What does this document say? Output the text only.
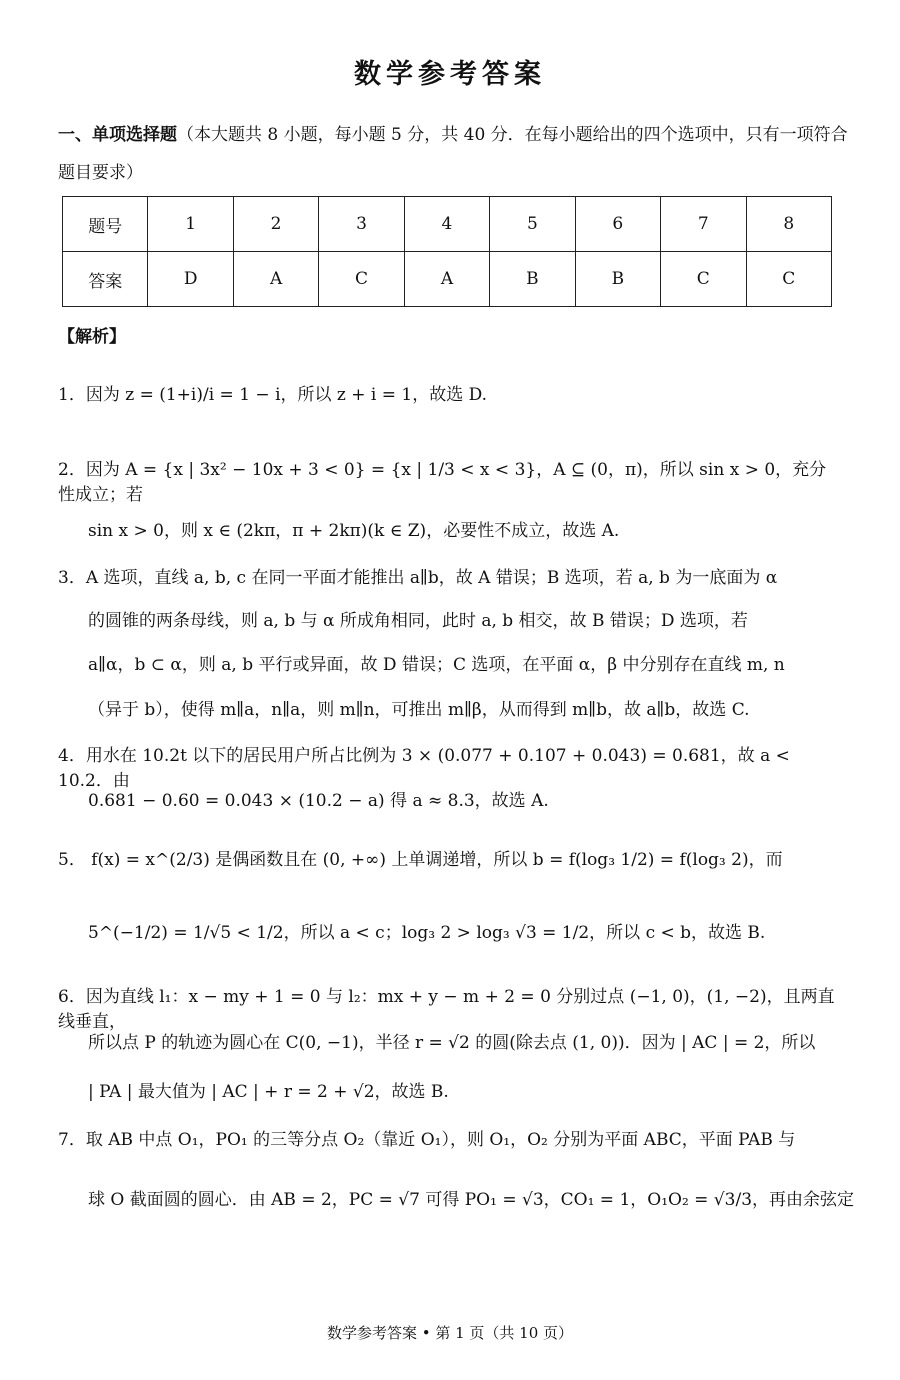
数学参考答案
一、单项选择题（本大题共 8 小题，每小题 5 分，共 40 分．在每小题给出的四个选项中，只有一项符合题目要求）
题号	1	2	3	4	5	6	7	8
答案	D	A	C	A	B	B	C	C
【解析】
1．因为 z = (1+i)/i = 1 − i，所以 z + i = 1，故选 D.
2．因为 A = {x | 3x² − 10x + 3 < 0} = {x | 1/3 < x < 3}，A ⊆ (0，π)，所以 sin x > 0，充分性成立；若
sin x > 0，则 x ∈ (2kπ，π + 2kπ)(k ∈ Z)，必要性不成立，故选 A.
3．A 选项，直线 a, b, c 在同一平面才能推出 a∥b，故 A 错误；B 选项，若 a, b 为一底面为 α
的圆锥的两条母线，则 a, b 与 α 所成角相同，此时 a, b 相交，故 B 错误；D 选项，若
a∥α，b ⊂ α，则 a, b 平行或异面，故 D 错误；C 选项，在平面 α，β 中分别存在直线 m, n
（异于 b），使得 m∥a，n∥a，则 m∥n，可推出 m∥β，从而得到 m∥b，故 a∥b，故选 C.
4．用水在 10.2t 以下的居民用户所占比例为 3 × (0.077 + 0.107 + 0.043) = 0.681，故 a < 10.2．由
0.681 − 0.60 = 0.043 × (10.2 − a) 得 a ≈ 8.3，故选 A.
5． f(x) = x^(2/3) 是偶函数且在 (0, +∞) 上单调递增，所以 b = f(log₃ 1/2) = f(log₃ 2)，而
5^(−1/2) = 1/√5 < 1/2，所以 a < c；log₃ 2 > log₃ √3 = 1/2，所以 c < b，故选 B.
6．因为直线 l₁：x − my + 1 = 0 与 l₂：mx + y − m + 2 = 0 分别过点 (−1, 0)，(1, −2)，且两直线垂直，
所以点 P 的轨迹为圆心在 C(0, −1)，半径 r = √2 的圆(除去点 (1, 0))．因为 | AC | = 2，所以
| PA | 最大值为 | AC | + r = 2 + √2，故选 B.
7．取 AB 中点 O₁，PO₁ 的三等分点 O₂（靠近 O₁），则 O₁，O₂ 分别为平面 ABC，平面 PAB 与
球 O 截面圆的圆心．由 AB = 2，PC = √7 可得 PO₁ = √3，CO₁ = 1，O₁O₂ = √3/3，再由余弦定
数学参考答案 • 第 1 页（共 10 页）
